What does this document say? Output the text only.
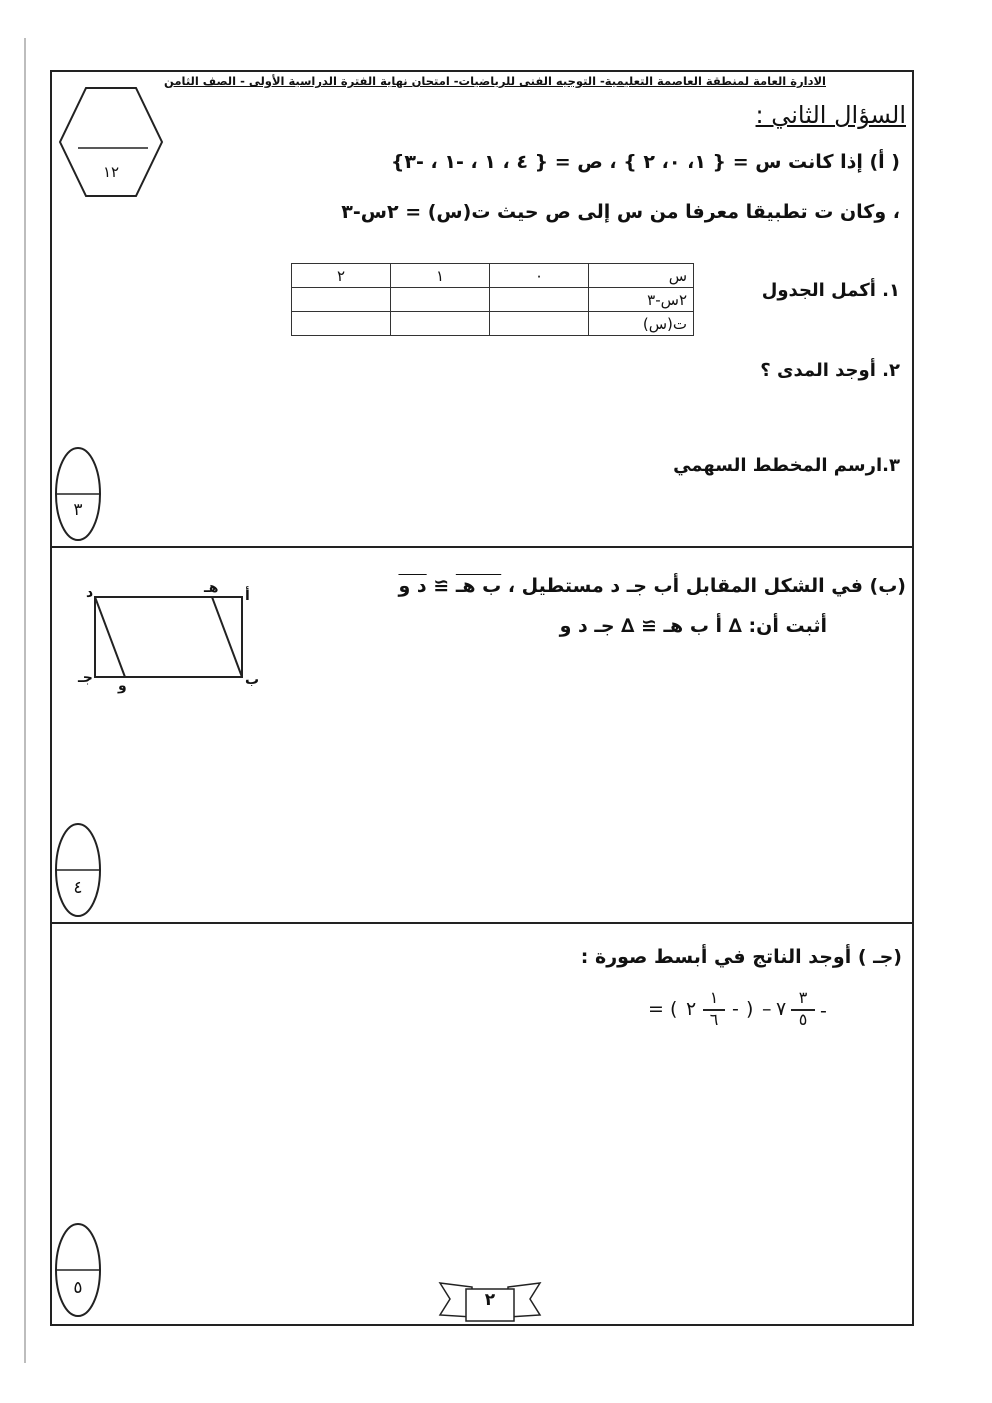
الادارة العامة لمنطقة العاصمة التعليمية- التوجيه الفنى للرياضيات- امتحان نهاية الفترة الدراسية الأولى - الصف الثامن
١٢
السؤال الثاني :
( أ) إذا كانت س = { ١، ٠، ٢ } ، ص = { ٤ ، ١ ، -١ ، -٣}
، وكان ت تطبيقا معرفا من س إلى ص حيث ت(س) = ٢س-٣
س	٠	١	٢
٢س-٣			
ت(س)			
١. أكمل الجدول
٢. أوجد المدى ؟
٣.ارسم المخطط السهمي
٣
(ب) في الشكل المقابل أب جـ د مستطيل ، ب هـ ≅ د و
أثبت أن: ∆ أ ب هـ ≅ ∆ جـ د و
د	هـ أ
جـ و	ب
٤
(جـ ) أوجد الناتج في أبسط صورة :
-
٣
٥
٧
–
)
-
١
٦
٢
(
=
٥
٢
